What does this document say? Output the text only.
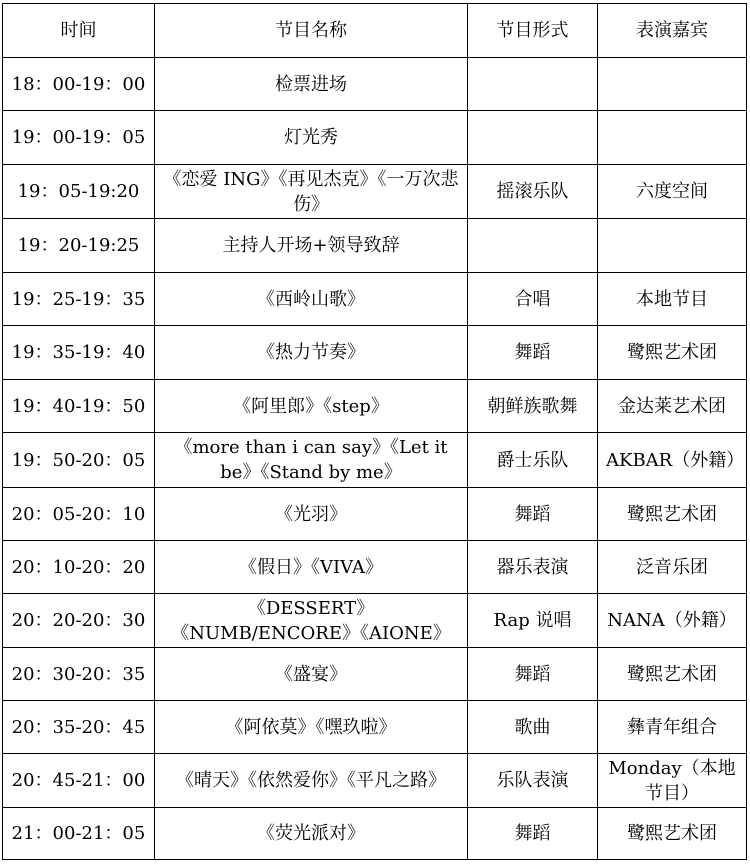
时间	节目名称	节目形式	表演嘉宾
18：00-19：00	检票进场		
19：00-19：05	灯光秀		
19：05-19:20	《恋爱 ING》《再见杰克》《一万次悲伤》	摇滚乐队	六度空间
19：20-19:25	主持人开场+领导致辞		
19：25-19：35	《西岭山歌》	合唱	本地节目
19：35-19：40	《热力节奏》	舞蹈	鹭熙艺术团
19：40-19：50	《阿里郎》《step》	朝鲜族歌舞	金达莱艺术团
19：50-20：05	《more than i can say》《Let it be》《Stand by me》	爵士乐队	AKBAR（外籍）
20：05-20：10	《光羽》	舞蹈	鹭熙艺术团
20：10-20：20	《假日》《VIVA》	器乐表演	泛音乐团
20：20-20：30	《DESSERT》《NUMB/ENCORE》《AIONE》	Rap 说唱	NANA（外籍）
20：30-20：35	《盛宴》	舞蹈	鹭熙艺术团
20：35-20：45	《阿依莫》《嘿玖啦》	歌曲	彝青年组合
20：45-21：00	《晴天》《依然爱你》《平凡之路》	乐队表演	Monday（本地节目）
21：00-21：05	《荧光派对》	舞蹈	鹭熙艺术团
